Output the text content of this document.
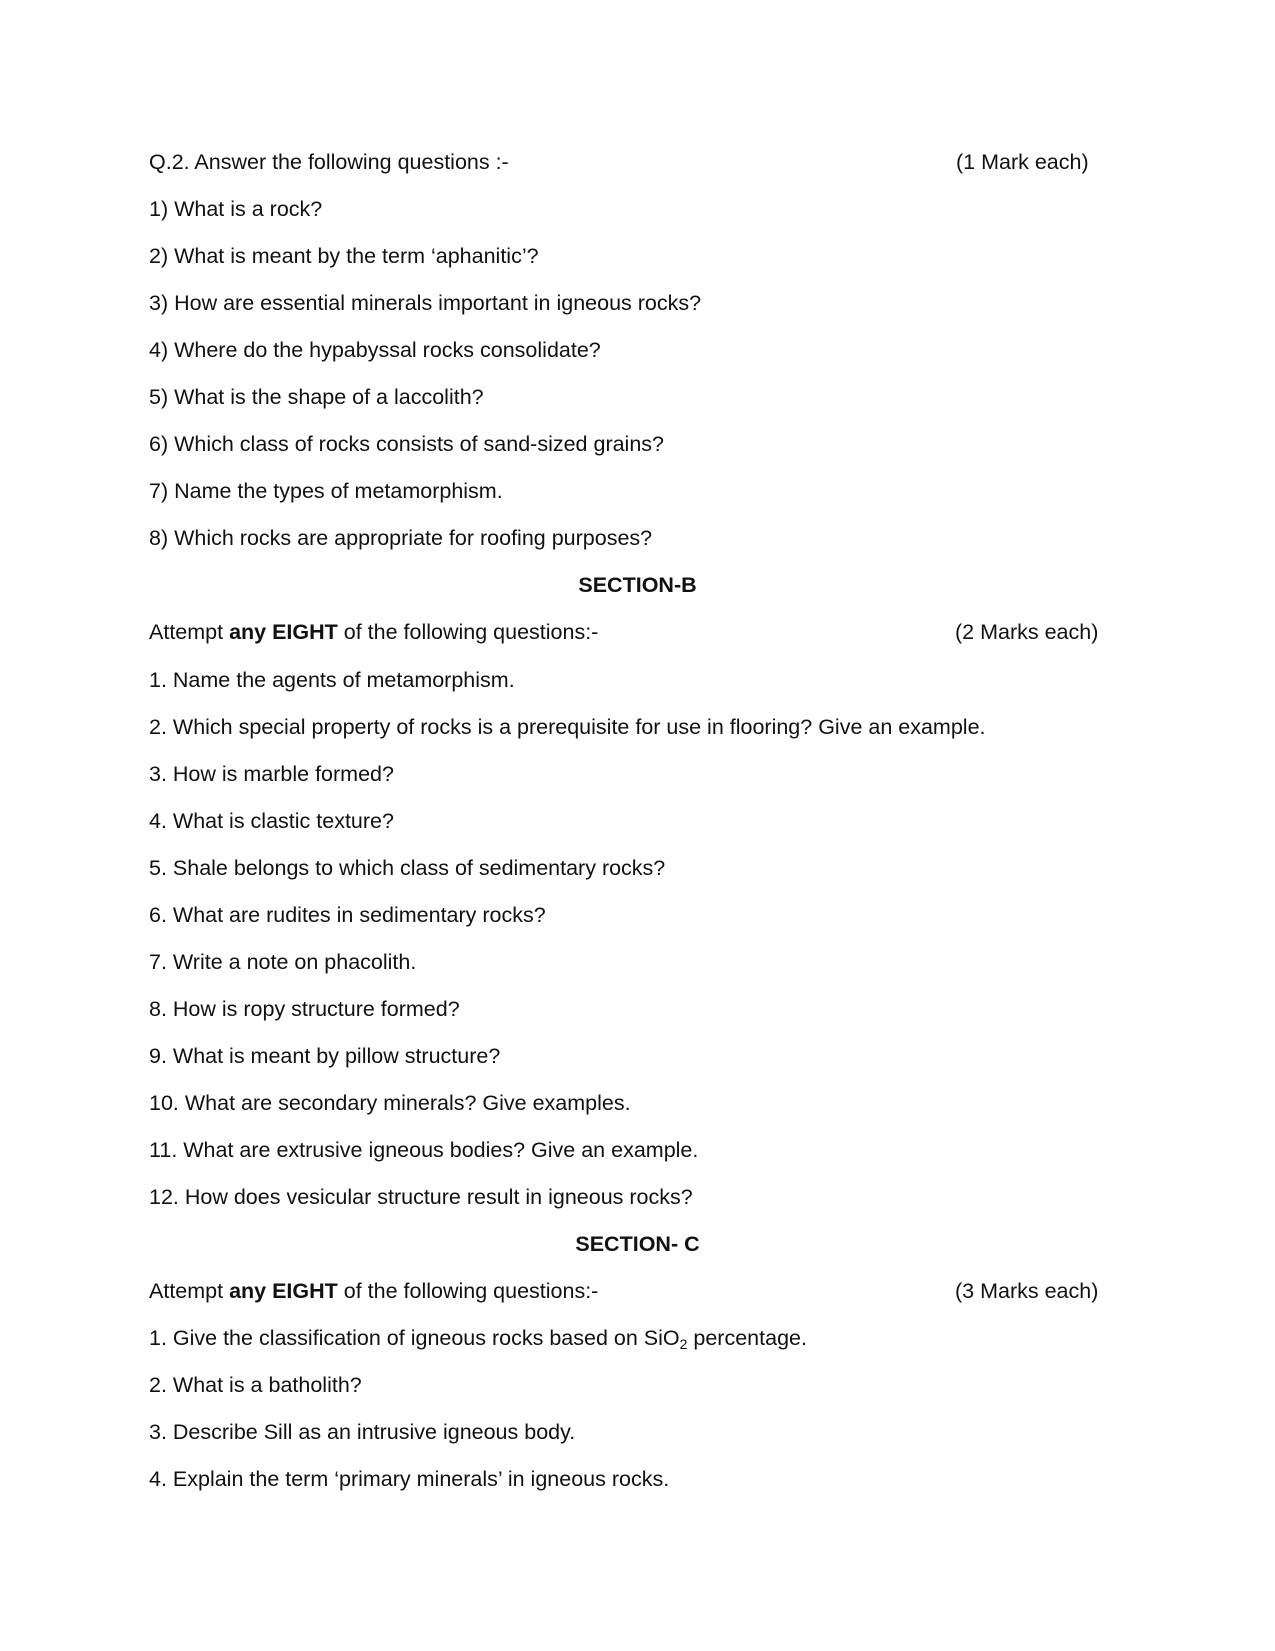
Q.2. Answer the following questions :-	(1 Mark each)
1) What is a rock?
2) What is meant by the term ‘aphanitic’?
3) How are essential minerals important in igneous rocks?
4) Where do the hypabyssal rocks consolidate?
5) What is the shape of a laccolith?
6) Which class of rocks consists of sand-sized grains?
7) Name the types of metamorphism.
8) Which rocks are appropriate for roofing purposes?
SECTION-B
Attempt any EIGHT of the following questions:-	(2 Marks each)
1. Name the agents of metamorphism.
2. Which special property of rocks is a prerequisite for use in flooring? Give an example.
3. How is marble formed?
4. What is clastic texture?
5. Shale belongs to which class of sedimentary rocks?
6. What are rudites in sedimentary rocks?
7. Write a note on phacolith.
8. How is ropy structure formed?
9. What is meant by pillow structure?
10. What are secondary minerals? Give examples.
11. What are extrusive igneous bodies? Give an example.
12. How does vesicular structure result in igneous rocks?
SECTION- C
Attempt any EIGHT of the following questions:-	(3 Marks each)
1. Give the classification of igneous rocks based on SiO$_2$ percentage.
2. What is a batholith?
3. Describe Sill as an intrusive igneous body.
4. Explain the term ‘primary minerals’ in igneous rocks.
